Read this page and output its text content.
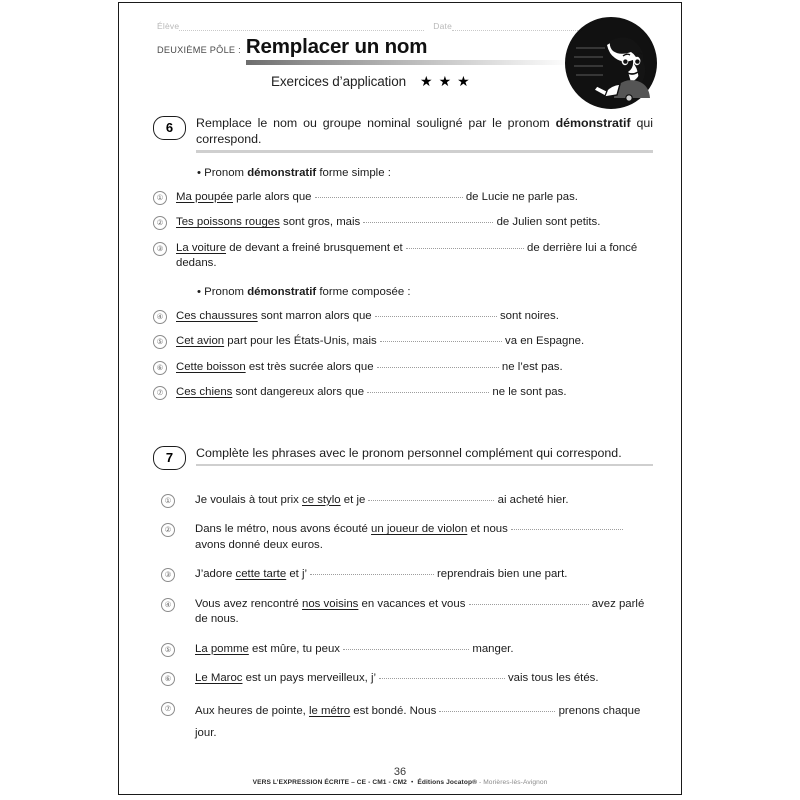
Élève	Date
DEUXIÈME PÔLE : Remplacer un nom
Exercices d’application ★ ★ ★
6	Remplace le nom ou groupe nominal souligné par le pronom démonstratif qui correspond.
• Pronom démonstratif forme simple :
①	Ma poupée parle alors que	de Lucie ne parle pas.
②	Tes poissons rouges sont gros, mais	de Julien sont petits.
③	La voiture de devant a freiné brusquement et	de derrière lui a foncé dedans.
• Pronom démonstratif forme composée :
④	Ces chaussures sont marron alors que	sont noires.
⑤	Cet avion part pour les États-Unis, mais	va en Espagne.
⑥	Cette boisson est très sucrée alors que	ne l’est pas.
⑦	Ces chiens sont dangereux alors que	ne le sont pas.
7	Complète les phrases avec le pronom personnel complément qui correspond.
①	Je voulais à tout prix ce stylo et je	ai acheté hier.
②	Dans le métro, nous avons écouté un joueur de violon et nous  avons donné deux euros.
③	J’adore cette tarte et j’	reprendrais bien une part.
④	Vous avez rencontré nos voisins en vacances et vous	avez parlé de nous.
⑤	La pomme est mûre, tu peux	manger.
⑥	Le Maroc est un pays merveilleux, j’	vais tous les étés.
⑦	Aux heures de pointe, le métro est bondé. Nous	prenons chaque jour.
36
VERS L’EXPRESSION ÉCRITE – CE - CM1 - CM2 • Éditions Jocatop® - Morières-lès-Avignon
